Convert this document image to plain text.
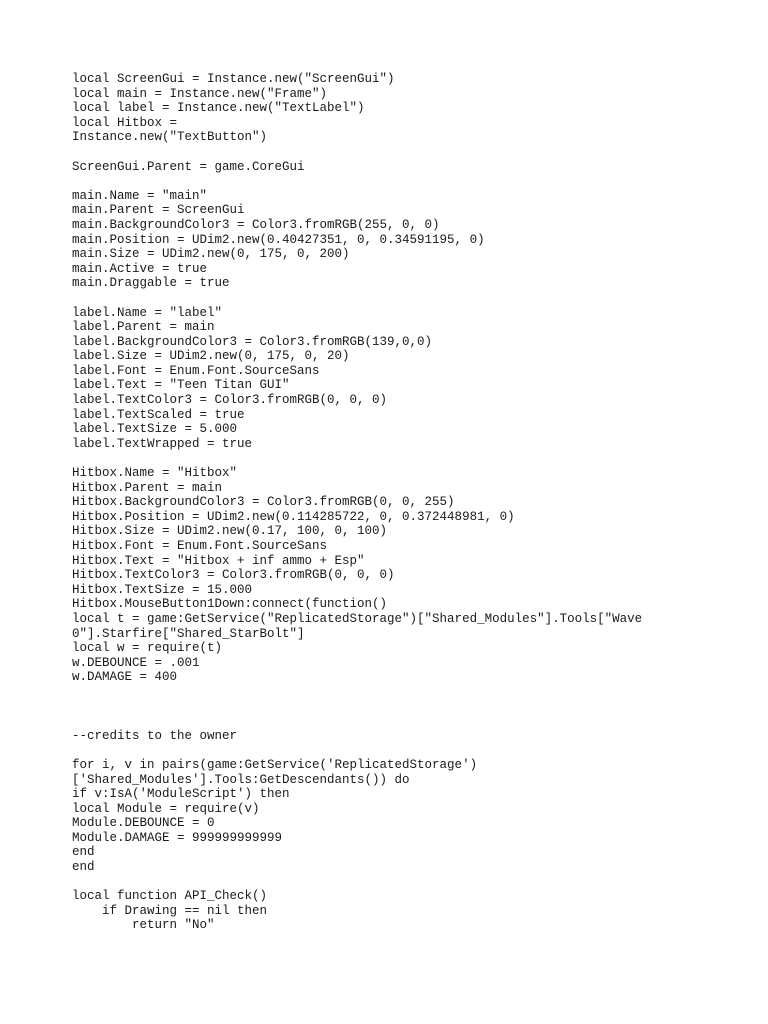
local ScreenGui = Instance.new("ScreenGui")
local main = Instance.new("Frame")
local label = Instance.new("TextLabel")
local Hitbox =
Instance.new("TextButton")
ScreenGui.Parent = game.CoreGui
main.Name = "main"
main.Parent = ScreenGui
main.BackgroundColor3 = Color3.fromRGB(255, 0, 0)
main.Position = UDim2.new(0.40427351, 0, 0.34591195, 0)
main.Size = UDim2.new(0, 175, 0, 200)
main.Active = true
main.Draggable = true
label.Name = "label"
label.Parent = main
label.BackgroundColor3 = Color3.fromRGB(139,0,0)
label.Size = UDim2.new(0, 175, 0, 20)
label.Font = Enum.Font.SourceSans
label.Text = "Teen Titan GUI"
label.TextColor3 = Color3.fromRGB(0, 0, 0)
label.TextScaled = true
label.TextSize = 5.000
label.TextWrapped = true
Hitbox.Name = "Hitbox"
Hitbox.Parent = main
Hitbox.BackgroundColor3 = Color3.fromRGB(0, 0, 255)
Hitbox.Position = UDim2.new(0.114285722, 0, 0.372448981, 0)
Hitbox.Size = UDim2.new(0.17, 100, 0, 100)
Hitbox.Font = Enum.Font.SourceSans
Hitbox.Text = "Hitbox + inf ammo + Esp"
Hitbox.TextColor3 = Color3.fromRGB(0, 0, 0)
Hitbox.TextSize = 15.000
Hitbox.MouseButton1Down:connect(function()
local t = game:GetService("ReplicatedStorage")["Shared_Modules"].Tools["Wave
0"].Starfire["Shared_StarBolt"]
local w = require(t)
w.DEBOUNCE = .001
w.DAMAGE = 400
--credits to the owner
for i, v in pairs(game:GetService('ReplicatedStorage')
['Shared_Modules'].Tools:GetDescendants()) do
if v:IsA('ModuleScript') then
local Module = require(v)
Module.DEBOUNCE = 0
Module.DAMAGE = 999999999999
end
end
local function API_Check()
if Drawing == nil then
return "No"
